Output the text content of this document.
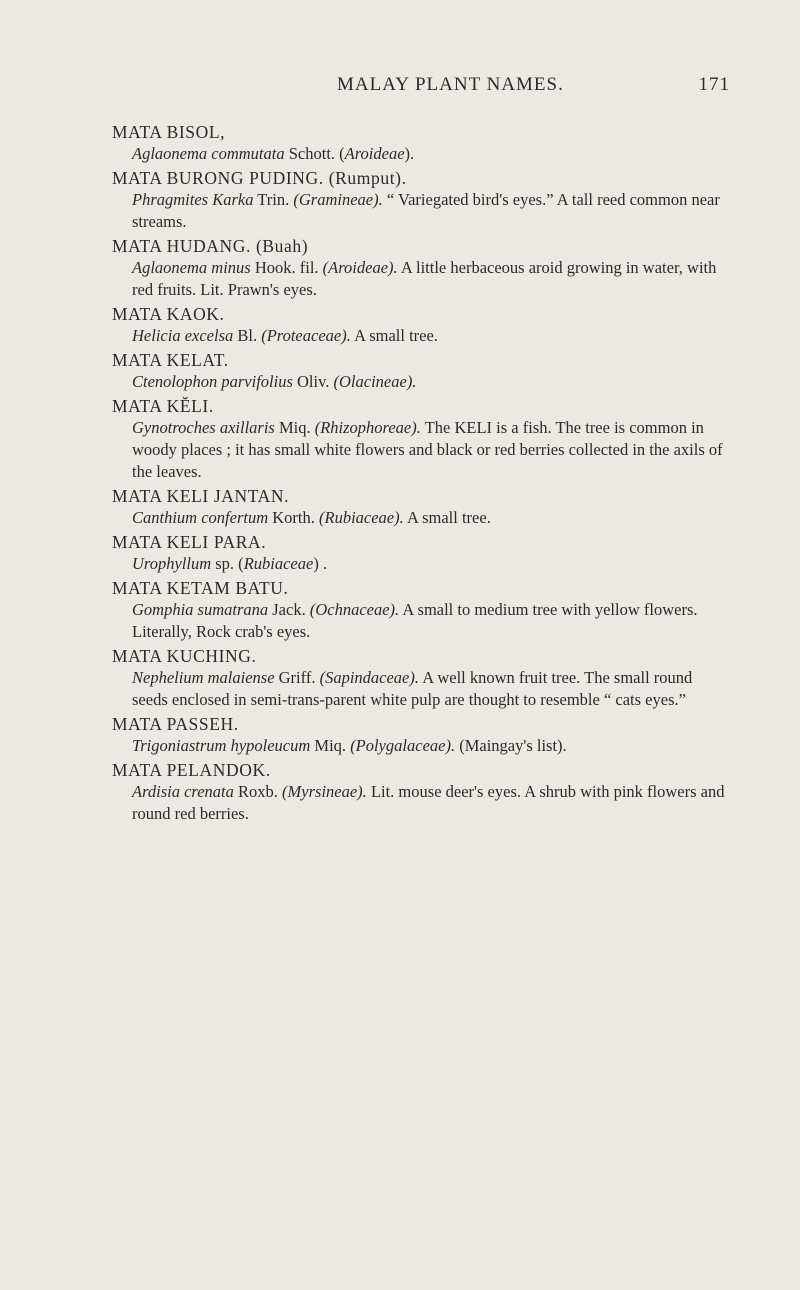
MALAY PLANT NAMES.	171

MATA BISOL,

Aglaonema commutata Schott. (Aroideae).

MATA BURONG PUDING. (Rumput).

Phragmites Karka Trin. (Gramineae). “ Variegated bird's eyes.” A tall reed common near streams.

MATA HUDANG. (Buah)

Aglaonema minus Hook. fil. (Aroideae). A little herbaceous aroid growing in water, with red fruits. Lit. Prawn's eyes.

MATA KAOK.

Helicia excelsa Bl. (Proteaceae). A small tree.

MATA KELAT.

Ctenolophon parvifolius Oliv. (Olacineae).

MATA KĔLI.

Gynotroches axillaris Miq. (Rhizophoreae). The KELI is a fish. The tree is common in woody places ; it has small white flowers and black or red berries collected in the axils of the leaves.

MATA KELI JANTAN.

Canthium confertum Korth. (Rubiaceae). A small tree.

MATA KELI PARA.

Urophyllum sp. (Rubiaceae) .

MATA KETAM BATU.

Gomphia sumatrana Jack. (Ochnaceae). A small to medium tree with yellow flowers. Literally, Rock crab's eyes.

MATA KUCHING.

Nephelium malaiense Griff. (Sapindaceae). A well known fruit tree. The small round seeds enclosed in semi-trans-parent white pulp are thought to resemble “ cats eyes.”

MATA PASSEH.

Trigoniastrum hypoleucum Miq. (Polygalaceae). (Maingay's list).

MATA PELANDOK.

Ardisia crenata Roxb. (Myrsineae). Lit. mouse deer's eyes. A shrub with pink flowers and round red berries.
